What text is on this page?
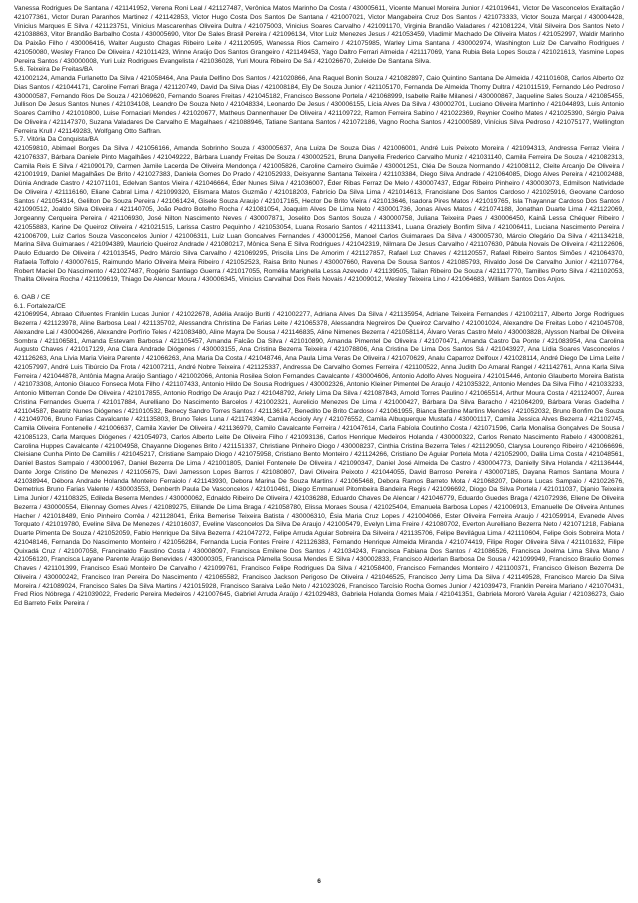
Vanessa Rodrigues De Santana / 421141952, Verena Roni Leal / 421127487, Verônica Matos Marinho Da Costa / 430005611, Vicente Manuel Moreira Junior / 421019641, Victor De Vasconcelos Exaltação / 421077361, Victor Duran Paranhos Martinez / 421142853, Victor Hugo Costa Dos Santos De Santana / 421007021, Victor Mangabeira Cruz Dos Santos / 421073333, Victor Souza Marçal / 430004428, Vinicius Marques E Silva / 421123751, Vinicius Mascarenhas Oliveira Dultra / 421075003, Vinicius Soares Carvalho / 421091170, Virginia Brandão Valadares / 421081224, Vitál Silveira Dos Santos Neto / 421038863, Vitor Brandão Barbalho Costa / 430005690, Vitor De Sales Brasil Pereira / 421096134, Vitor Luiz Menezes Jesus / 421053459, Vladimir Machado De Oliveira Matos / 421052997, Waldir Marinho Da Paixão Filho / 430006416, Walter Augusto Chagas Ribeiro Leite / 421120595, Wanessa Rios Carneiro / 421075985, Warley Lima Santana / 430002974, Washington Luiz De Carvalho Rodrigues / 421050080, Wesley Franco De Oliveira / 421011423, Winne Araújo Dos Santos Grangeiro / 421149453, Yago Daltro Ferrari Almeida / 421117069, Yana Rubia Bela Lopes Souza / 421021613, Yasmine Lopes Pereira Santos / 430000008, Yuri Luiz Rodrigues Evangelista / 421036028, Yuri Moura Ribeiro De Sá / 421026670, Zuleide De Santana Silva.

5.6. Teixeira De Freitas/BA

421002124, Amanda Furlanetto Da Silva / 421058464, Ana Paula Delfino Dos Santos / 421020866, Ana Raquel Bonin Souza / 421082897, Caio Quintino Santana De Almeida / 421101608, Carlos Alberto Oz Dias Santos / 421044171, Caroline Ferrari Braga / 421120749, David Da Silva Dias / 421008184, Ely De Souza Junior / 421105170, Fernanda De Almeida Thomy Dultra / 421011519, Fernando Léo Pedroso / 430000587, Fernando Rios De Souza / 421069620, Fernando Soares Freitas / 421045182, Francisco Bessone Portela / 421068999, Isabelle Raille Milanesi / 430000867, Jaqueline Sales Souza / 421085455, Jullison De Jesus Santos Nunes / 421034108, Leandro De Souza Neto / 421048334, Leonardo De Jesus / 430006155, Lícia Alves Da Silva / 430002701, Luciano Oliveira Martinho / 421044893, Luis Antonio Soares Carrilho / 421010800, Luise Fornaciari Mendes / 421020677, Matheus Dannenhauer De Oliveira / 421109722, Ramon Ferreira Sabino / 421022369, Reynier Coelho Mates / 421025390, Sérgio Paiva De Oliveira / 421147370, Suzana Valadares De Carvalho E Magalhaes / 421088946, Tatiane Santana Santos / 421072186, Vagno Rocha Santos / 421000589, Vinícius Silva Pedroso / 421075177, Wellington Ferreira Krull / 421149283, Wolfgang Otto Saffran.

5.7. Vitória Da Conquista/BA

421059810, Abimael Borges Da Silva / 421056166, Amanda Sobrinho Souza / 430005637, Ana Luiza De Souza Dias / 421006001, André Luis Peixoto Moreira / 421094313, Andressa Ferraz Vieira / 421076337, Bárbara Daniele Pinto Magalhães / 421049222, Bárbara Luandy Freitas De Souza / 430002521, Bruna Danyella Frederico Carvalho Muniz / 421031140, Camila Ferreira De Souza / 421082313, Camila Reis E Silva / 421090179, Carmen Jamile Lacerda De Oliveira Mendonça / 421005826, Caroline Carneiro Guimãe / 430001251, Cléa De Souza Normando / 421008112, Cleite Arcanjo De Oliveira / 421001919, Daniel Magalhães De Brito / 421027383, Daniela Gomes Do Prado / 421052933, Deisyanne Santana Teixeira / 421103384, Diego Silva Andrade / 421064085, Diogo Alves Pereira / 421002488, Dúnia Andrade Castro / 421071101, Edelvan Santos Vieira / 421046664, Éder Nunes Silva / 421036007, Éder Ribas Ferraz De Melo / 430007437, Edgar Ribeiro Pinheiro / 430003073, Edmilson Natividade De Oliveira / 421116160, Eliane Cabral Lima / 421099320, Elismara Matos Guzmão / 421018203, Fabrício Da Silva Lima / 421014613, Francislane Dos Santos Cardoso / 421025916, Geovane Cardoso Santos / 421054314, Gelilton De Souza Pereira / 421061424, Gisele Souza Araujo / 421017165, Hector De Brito Vieira / 421013646, Isadora Pires Matos / 421019765, Isla Thayannar Cardoso Dos Santos / 421090512, Joaldo Silva Oliveira / 421140705, João Pedro Botelho Rocha / 421081054, Joaquim Alves De Lima Neto / 430001736, Jonas Alves Matos / 421074188, Jonathan Duarte Lima / 421122069, Jorgeanny Cerqueira Pereira / 421106930, José Nilton Nascimento Neves / 430007871, Joselito Dos Santos Souza / 430000758, Juliana Teixeira Paes / 430006450, Kainã Lessa Chéquer Ribeiro / 421055883, Karine De Queiroz Oliveira / 421021515, Larissa Castro Pequinho / 421053054, Luana Rosario Santos / 421113341, Luana Graziely Bonfim Silva / 421006411, Luciana Nascimento Pereira / 421006709, Luiz Carlos Souza Vasconcelos Junior / 421006311, Luiz Luan Goncalves Fernandes / 430001256, Manoel Carlos Guimaraes Da Silva / 430005730, Márcio Olegário Da Silva / 421134218, Marina Silva Guimaraes / 421094389, Mauricio Queiroz Andrade / 421080217, Mônica Sena E Silva Rodrigues / 421042319, Nilmara De Jesus Carvalho / 421107630, Pâbula Novais De Oliveira / 421122606, Paulo Eduardo De Oliveira / 421013545, Pedro Márcio Silva Carvalho / 421069295, Priscila Lins De Amorim / 421127857, Rafael Luz Chaves / 421120557, Rafael Ribeiro Santos Simões / 421064370, Rafaela Toffolo / 430007615, Raimundo Mario Oliveira Meira Ribeiro / 421052523, Raisa Brito Nunes / 430007660, Ravena De Sousa Santos / 421085793, Rivaldo José De Carvalho Junior / 421107764, Robert Maciel Do Nascimento / 421027487, Rogério Santiago Guerra / 421017055, Romélia Marighella Lessa Azevedo / 421139505, Tailan Ribeiro De Souza / 421117770, Tamilles Porto Silva / 421102053, Thalita Oliveira Rocha / 421109619, Thiago De Alencar Moura / 430006345, Vinicius Carvalhal Dos Reis Novais / 421009012, Wesley Teixeira Lino / 421064683, William Santos Dos Anjos.

6. OAB / CE

6.1. Fortaleza/CE

421069954, Abraao Cifuentes Franklin Lucas Junior / 421022678, Adélia Araújo Buriti / 421002277, Adriana Alves Da Silva / 421135954, Adriane Teixeira Fernandes / 421002117, Alberto Jorge Rodrigues Bezerra / 421123978, Aline Barbosa Leal / 421135702, Alessandra Christina De Farias Leite / 421065378, Alessandra Negreiros De Queiroz Carvalho / 421001024, Alexandre De Freitas Lobo / 421045708, Alexandre Lai / 430004266, Alexandre Porfírio Teles / 421083480, Aline Mayra De Sousa / 421146835, Aline Nimenes Bezerra / 421058114, Álvaro Veras Castro Melo / 430003828, Alysson Narbal De Oliveira Sombra / 421106581, Amanda Estevam Barbosa / 421105457, Amanda Falcão Da Silva / 421010890, Amanda Pimentel De Oliveira / 421070471, Amanda Castro Da Ponte / 421083954, Ana Carolina Augusto Chaves / 421017129, Ana Clara Andrade Diógenes / 430003155, Ana Cristina Bezerra Teixeira / 421078806, Ana Cristina De Lima Dos Santos Sá / 421043927, Ana Lídia Soares Vasconcelos / 421126263, Ana Lívia Maria Vieira Parente / 421066263, Ana Maria Da Costa / 421048746, Ana Paula Lima Veras De Oliveira / 421070629, Analu Caparroz Delfoux / 421028114, André Diego De Lima Leite / 421057997, André Luis Tibúrcio Da Frota / 421007211, André Nobre Teixeira / 421125337, Andressa De Carvalho Gomes Ferreira / 421100522, Anna Judith Do Amaral Rangel / 421142761, Anna Karla Silva Ferreira / 421044878, Antônia Magna Araújo Santiago / 421002066, Antonia Rosilea Solon Fernandes Cavalcante / 430004606, Antonio Adolfo Alves Nogueira / 421015446, Antonio Glauberto Moreira Batista / 421073308, Antonio Glauco Fonseca Mota Filho / 421107433, Antonio Hildo De Sousa Rodrigues / 430002326, Antonio Kleiner Pimentel De Araujo / 421035322, Antonio Mendes Da Silva Filho / 421033233, Antonio Mitterran Conde De Oliveira / 421017855, Antonio Rodrigo De Araujo Paz / 421048792, Ariely Lima Da Silva / 421087843, Arnold Torres Paulino / 421065514, Arthur Moura Costa / 421124007, Áurea Cristina Fernandes Guerra / 421017884, Aurelliano Do Nascimento Barcelos / 421002321, Aurelicio Menezes De Lima / 421000427, Bárbara Da Silva Baracho / 421064209, Bárbara Veras Gadelha / 421104587, Beatriz Nunes Diógenes / 421010532, Benecy Sandro Torres Santos / 421136147, Benedito De Brito Cardoso / 421061955, Bianca Berdine Martins Mendes / 421052032, Bruno Bonfim De Souza / 421049706, Bruno Farias Cavalcante / 421135803, Bruno Teles Luna / 421174394, Camila Accioly Ary / 421076552, Camila Albuquerque Mustafa / 430001117, Camila Jessica Alves Bezerra / 421102745, Camila Oliveira Fontenelle / 421006637, Camila Xavier De Oliveira / 421136979, Camilo Cavalcante Ferreira / 421047614, Carla Fabíola Coutinho Costa / 421071596, Carla Monalisa Gonçalves De Sousa / 421085123, Carla Marques Diógenes / 421054973, Carlos Alberto Leite De Oliveira Filho / 421093136, Carlos Henrique Medeiros Holanda / 430000322, Carlos Renato Nascimento Rabelo / 430008261, Carolina Huppes Cavalcante / 421004958, Chayanne Diogenes Brito / 421151337, Christiane Pinheiro Diogo / 430008237, Cinthia Cristina Bezerra Teles / 421129050, Clarysa Lourenço Ribeiro / 421066696, Cleisiane Cunha Pinto De Camillis / 421045217, Cristiane Sampaio Diogo / 421075958, Cristiano Bento Monteiro / 421124266, Cristiano De Aguiar Portela Mota / 421052900, Dalila Lima Costa / 421048561, Daniel Bastos Sampaio / 430001967, Daniel Bezerra De Lima / 421001805, Daniel Fontenele De Oliveira / 421090347, Daniel José Almeida De Castro / 430004773, Danielly Silva Holanda / 421136444, Dante Jorge Cristino De Menezes / 421105675, Davi Jamesson Lopes Barros / 421080807, Davi Oliveira Peixoto / 421044055, David Barroso Pereira / 430007185, Dayana Ramos Santana Moura / 421038944, Débora Andrade Holanda Monteiro Ferraiolo / 421143930, Debora Marina De Souza Martins / 421065468, Debora Ramos Barreto Mota / 421068207, Débora Lucas Sampaio / 421022676, Demetrius Bruno Farias Valente / 430003553, Denberth Paula De Vasconcelos / 421010461, Diego Emmanuel Pitombeira Bandeira Regis / 421096692, Diogo Da Silva Portela / 421011037, Djanio Teixeira Lima Junior / 421108325, Edileda Beserra Mendes / 430000062, Ednaldo Ribeiro De Oliveira / 421036288, Eduardo Chaves De Alencar / 421046779, Eduardo Guedes Braga / 421072936, Eliene De Oliveira Bezerra / 430000554, Eliennay Gomes Alves / 421089275, Elilande De Lima Braga / 421058780, Elissa Moraes Sousa / 421025404, Emanuela Barbosa Lopes / 421006913, Emanuelle De Oliveira Antunes Hacher / 421018489, Enio Pinheiro Corrêa / 421128041, Érika Bemerise Teixeira Batista / 430006310, Ésia Maria Cruz Lopes / 421004066, Ester Oliveira Ferreira Araujo / 421059914, Evanede Alves Torquato / 421019780, Eveline Silva De Menezes / 421016037, Eveline Vasconcelos Da Silva De Araujo / 421005479, Evelyn Lima Freire / 421080702, Everton Aurelliano Bezerra Neto / 421071218, Fabiana Duarte Pimenta De Souza / 421052059, Fabio Henrique Da Silva Bezerra / 421047272, Felipe Arruda Aguiar Sobreira Da Silveira / 421135706, Felipe Bevilágua Lima / 421110604, Felipe Gois Sobreira Mota / 421048146, Fernanda Do Nascimento Monteiro / 421056284, Fernanda Lucia Fontes Freire / 421126383, Fernando Henrique Almeida Miranda / 421074419, Filipe Roger Oliveira Silva / 421101632, Filipe Quixadá Cruz / 421007058, Francinaldo Faustino Costa / 430008097, Francisca Emilene Dos Santos / 421034243, Francisca Fabiana Dos Santos / 421086526, Francisca Joelma Lima Silva Mano / 421056120, Francisca Layane Parente Araújo Benevides / 430000305, Francisca Pâmella Sousa Mendes E Silva / 430002833, Francisco Alderlan Barbosa De Sousa / 421099949, Francisco Braulio Gomes Chaves / 421101399, Francisco Esaú Monteiro De Carvalho / 421099761, Francisco Felipe Rodrigues Da Silva / 421058400, Francisco Fernandes Monteiro / 421100371, Francisco Gleison Bezerra De Oliveira / 430000242, Francisco Iran Pereira Do Nascimento / 421065582, Francisco Jackson Perigoso De Oliveira / 421046525, Francisco Jerry Lima Da Silva / 421149528, Francisco Marcio Da Silva Moreira / 421089024, Francisco Sales Da Silva Martins / 421015928, Francisco Saraiva Leão Neto / 421023026, Francisco Tarcísio Rocha Gomes Junior / 421039473, Franklin Pereira Mariano / 421070431, Fred Rios Nóbrega / 421039022, Frederic Pereira Medeiros / 421007645, Gabriel Arruda Araújo / 421029483, Gabriela Holanda Gomes Maia / 421041351, Gabriela Mororó Varela Aguiar / 421036273, Gaio Ed Barreto Felix Pereira /

6
